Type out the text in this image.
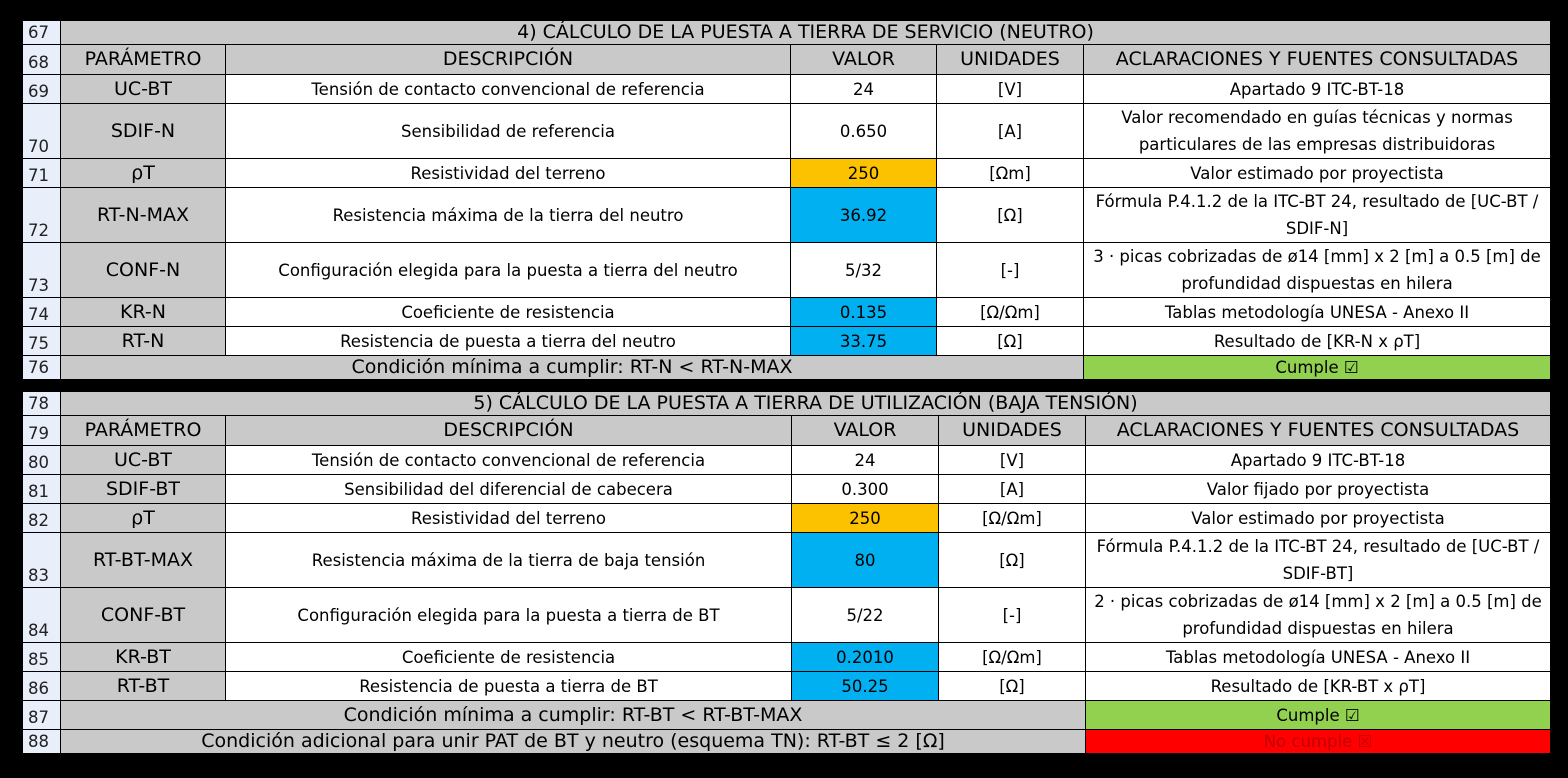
67	4) CÁLCULO DE LA PUESTA A TIERRA DE SERVICIO (NEUTRO)				
68	PARÁMETRO	DESCRIPCIÓN	VALOR	UNIDADES	ACLARACIONES Y FUENTES CONSULTADAS
69	UC-BT	Tensión de contacto convencional de referencia	24	[V]	Apartado 9 ITC-BT-18
70	SDIF-N	Sensibilidad de referencia	0.650	[A]	Valor recomendado en guías técnicas y normas particulares de las empresas distribuidoras
71	ρT	Resistividad del terreno	250	[Ωm]	Valor estimado por proyectista
72	RT-N-MAX	Resistencia máxima de la tierra del neutro	36.92	[Ω]	Fórmula P.4.1.2 de la ITC-BT 24, resultado de [UC-BT / SDIF-N]
73	CONF-N	Configuración elegida para la puesta a tierra del neutro	5/32	[-]	3 · picas cobrizadas de ø14 [mm] x 2 [m] a 0.5 [m] de profundidad dispuestas en hilera
74	KR-N	Coeficiente de resistencia	0.135	[Ω/Ωm]	Tablas metodología UNESA - Anexo II
75	RT-N	Resistencia de puesta a tierra del neutro	33.75	[Ω]	Resultado de [KR-N x ρT]
76	Condición mínima a cumplir: RT-N < RT-N-MAX				Cumple ☑
78	5) CÁLCULO DE LA PUESTA A TIERRA DE UTILIZACIÓN (BAJA TENSIÓN)				
79	PARÁMETRO	DESCRIPCIÓN	VALOR	UNIDADES	ACLARACIONES Y FUENTES CONSULTADAS
80	UC-BT	Tensión de contacto convencional de referencia	24	[V]	Apartado 9 ITC-BT-18
81	SDIF-BT	Sensibilidad del diferencial de cabecera	0.300	[A]	Valor fijado por proyectista
82	ρT	Resistividad del terreno	250	[Ω/Ωm]	Valor estimado por proyectista
83	RT-BT-MAX	Resistencia máxima de la tierra de baja tensión	80	[Ω]	Fórmula P.4.1.2 de la ITC-BT 24, resultado de [UC-BT / SDIF-BT]
84	CONF-BT	Configuración elegida para la puesta a tierra de BT	5/22	[-]	2 · picas cobrizadas de ø14 [mm] x 2 [m] a 0.5 [m] de profundidad dispuestas en hilera
85	KR-BT	Coeficiente de resistencia	0.2010	[Ω/Ωm]	Tablas metodología UNESA - Anexo II
86	RT-BT	Resistencia de puesta a tierra de BT	50.25	[Ω]	Resultado de [KR-BT x ρT]
87	Condición mínima a cumplir: RT-BT < RT-BT-MAX				Cumple ☑
88	Condición adicional para unir PAT de BT y neutro (esquema TN): RT-BT ≤ 2 [Ω]				No cumple ☒
